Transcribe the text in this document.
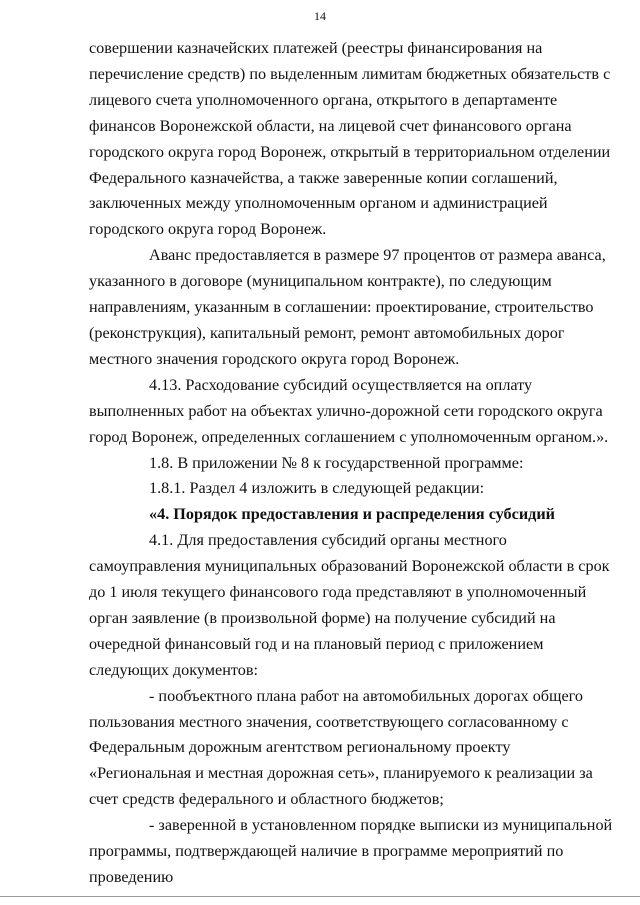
14

совершении казначейских платежей (реестры финансирования на перечисление средств) по выделенным лимитам бюджетных обязательств с лицевого счета уполномоченного органа, открытого в департаменте финансов Воронежской области, на лицевой счет финансового органа городского округа город Воронеж, открытый в территориальном отделении Федерального казначейства, а также заверенные копии соглашений, заключенных между уполномоченным органом и администрацией городского округа город Воронеж.

Аванс предоставляется в размере 97 процентов от размера аванса, указанного в договоре (муниципальном контракте), по следующим направлениям, указанным в соглашении: проектирование, строительство (реконструкция), капитальный ремонт, ремонт автомобильных дорог местного значения городского округа город Воронеж.

4.13. Расходование субсидий осуществляется на оплату выполненных работ на объектах улично-дорожной сети городского округа город Воронеж, определенных соглашением с уполномоченным органом.».

1.8. В приложении № 8 к государственной программе:

1.8.1. Раздел 4 изложить в следующей редакции:

«4. Порядок предоставления и распределения субсидий

4.1. Для предоставления субсидий органы местного самоуправления муниципальных образований Воронежской области в срок до 1 июля текущего финансового года представляют в уполномоченный орган заявление (в произвольной форме) на получение субсидий на очередной финансовый год и на плановый период с приложением следующих документов:

- пообъектного плана работ на автомобильных дорогах общего пользования местного значения, соответствующего согласованному с Федеральным дорожным агентством региональному проекту «Региональная и местная дорожная сеть», планируемого к реализации за счет средств федерального и областного бюджетов;

- заверенной в установленном порядке выписки из муниципальной программы, подтверждающей наличие в программе мероприятий по проведению
